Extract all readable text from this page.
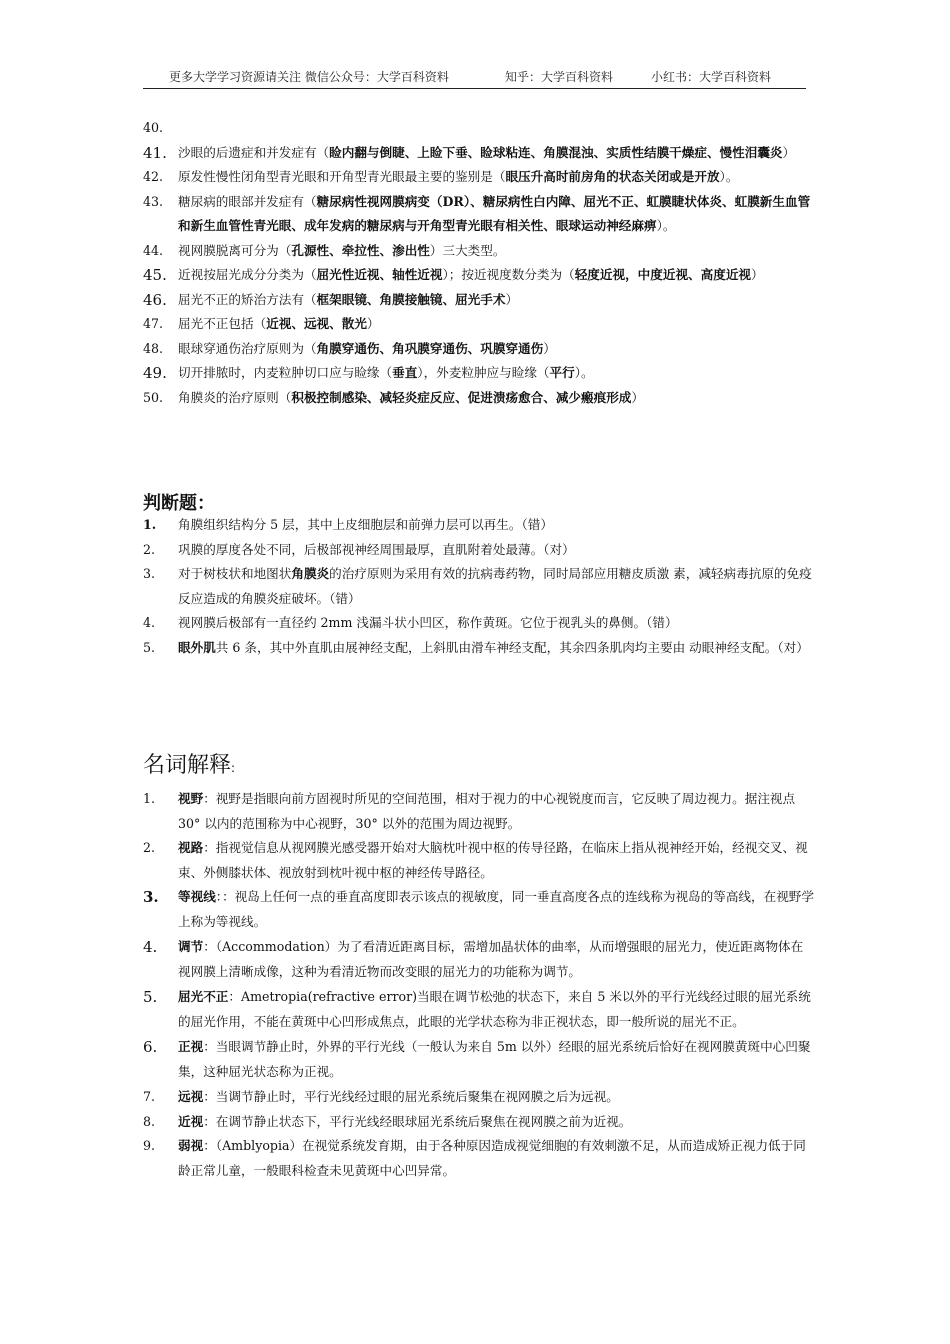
更多大学学习资源请关注 微信公众号：大学百科资料	知乎：大学百科资料	小红书：大学百科资料
40.

41. 沙眼的后遗症和并发症有（睑内翻与倒睫、上睑下垂、睑球粘连、角膜混浊、实质性结膜干燥症、慢性泪囊炎）
42. 原发性慢性闭角型青光眼和开角型青光眼最主要的鉴别是（眼压升高时前房角的状态关闭或是开放）。
43. 糖尿病的眼部并发症有（糖尿病性视网膜病变（DR）、糖尿病性白内障、屈光不正、虹膜睫状体炎、虹膜新生血管和新生血管性青光眼、成年发病的糖尿病与开角型青光眼有相关性、眼球运动神经麻痹）。
44. 视网膜脱离可分为（孔源性、牵拉性、渗出性）三大类型。
45. 近视按屈光成分分类为（屈光性近视、轴性近视）；按近视度数分类为（轻度近视，中度近视、高度近视）
46. 屈光不正的矫治方法有（框架眼镜、角膜接触镜、屈光手术）
47. 屈光不正包括（近视、远视、散光）
48. 眼球穿通伤治疗原则为（角膜穿通伤、角巩膜穿通伤、巩膜穿通伤）
49. 切开排脓时，内麦粒肿切口应与睑缘（垂直），外麦粒肿应与睑缘（平行）。
50. 角膜炎的治疗原则（积极控制感染、减轻炎症反应、促进溃疡愈合、减少瘢痕形成）
判断题：
1. 角膜组织结构分 5 层，其中上皮细胞层和前弹力层可以再生。（错）
2. 巩膜的厚度各处不同，后极部视神经周围最厚，直肌附着处最薄。（对）
3. 对于树枝状和地图状角膜炎的治疗原则为采用有效的抗病毒药物，同时局部应用糖皮质激 素，减轻病毒抗原的免疫反应造成的角膜炎症破坏。（错）
4. 视网膜后极部有一直径约 2mm 浅漏斗状小凹区，称作黄斑。它位于视乳头的鼻侧。（错）
5. 眼外肌共 6 条，其中外直肌由展神经支配，上斜肌由滑车神经支配，其余四条肌肉均主要由 动眼神经支配。（对）
名词解释:
1. 视野：视野是指眼向前方固视时所见的空间范围，相对于视力的中心视锐度而言，它反映了周边视力。据注视点 30° 以内的范围称为中心视野，30° 以外的范围为周边视野。
2. 视路：指视觉信息从视网膜光感受器开始对大脑枕叶视中枢的传导径路，在临床上指从视神经开始，经视交叉、视束、外侧膝状体、视放射到枕叶视中枢的神经传导路径。
3. 等视线：：视岛上任何一点的垂直高度即表示该点的视敏度，同一垂直高度各点的连线称为视岛的等高线，在视野学上称为等视线。
4. 调节：（Accommodation）为了看清近距离目标，需增加晶状体的曲率，从而增强眼的屈光力，使近距离物体在视网膜上清晰成像，这种为看清近物而改变眼的屈光力的功能称为调节。
5. 屈光不正：Ametropia(refractive error)当眼在调节松弛的状态下，来自 5 米以外的平行光线经过眼的屈光系统的屈光作用，不能在黄斑中心凹形成焦点，此眼的光学状态称为非正视状态，即一般所说的屈光不正。
6. 正视：当眼调节静止时，外界的平行光线（一般认为来自 5m 以外）经眼的屈光系统后恰好在视网膜黄斑中心凹聚集，这种屈光状态称为正视。
7. 远视：当调节静止时，平行光线经过眼的屈光系统后聚集在视网膜之后为远视。
8. 近视：在调节静止状态下，平行光线经眼球屈光系统后聚焦在视网膜之前为近视。
9. 弱视：（Amblyopia）在视觉系统发育期，由于各种原因造成视觉细胞的有效刺激不足，从而造成矫正视力低于同龄正常儿童，一般眼科检查未见黄斑中心凹异常。
